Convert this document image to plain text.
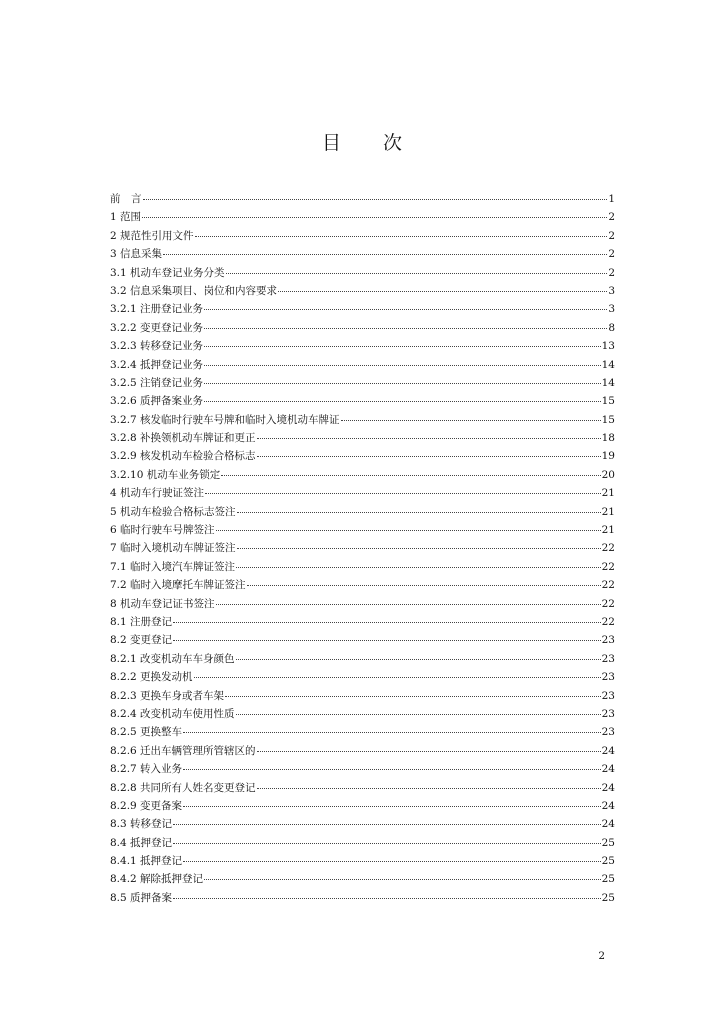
目 次
前　言	1
1 范围	2
2 规范性引用文件	2
3 信息采集	2
3.1 机动车登记业务分类	2
3.2 信息采集项目、岗位和内容要求	3
3.2.1 注册登记业务	3
3.2.2 变更登记业务	8
3.2.3 转移登记业务	13
3.2.4 抵押登记业务	14
3.2.5 注销登记业务	14
3.2.6 质押备案业务	15
3.2.7 核发临时行驶车号牌和临时入境机动车牌证	15
3.2.8 补换领机动车牌证和更正	18
3.2.9 核发机动车检验合格标志	19
3.2.10 机动车业务锁定	20
4 机动车行驶证签注	21
5 机动车检验合格标志签注	21
6 临时行驶车号牌签注	21
7 临时入境机动车牌证签注	22
7.1 临时入境汽车牌证签注	22
7.2 临时入境摩托车牌证签注	22
8 机动车登记证书签注	22
8.1 注册登记	22
8.2 变更登记	23
8.2.1 改变机动车车身颜色	23
8.2.2 更换发动机	23
8.2.3 更换车身或者车架	23
8.2.4 改变机动车使用性质	23
8.2.5 更换整车	23
8.2.6 迁出车辆管理所管辖区的	24
8.2.7 转入业务	24
8.2.8 共同所有人姓名变更登记	24
8.2.9 变更备案	24
8.3 转移登记	24
8.4 抵押登记	25
8.4.1 抵押登记	25
8.4.2 解除抵押登记	25
8.5 质押备案	25
2
